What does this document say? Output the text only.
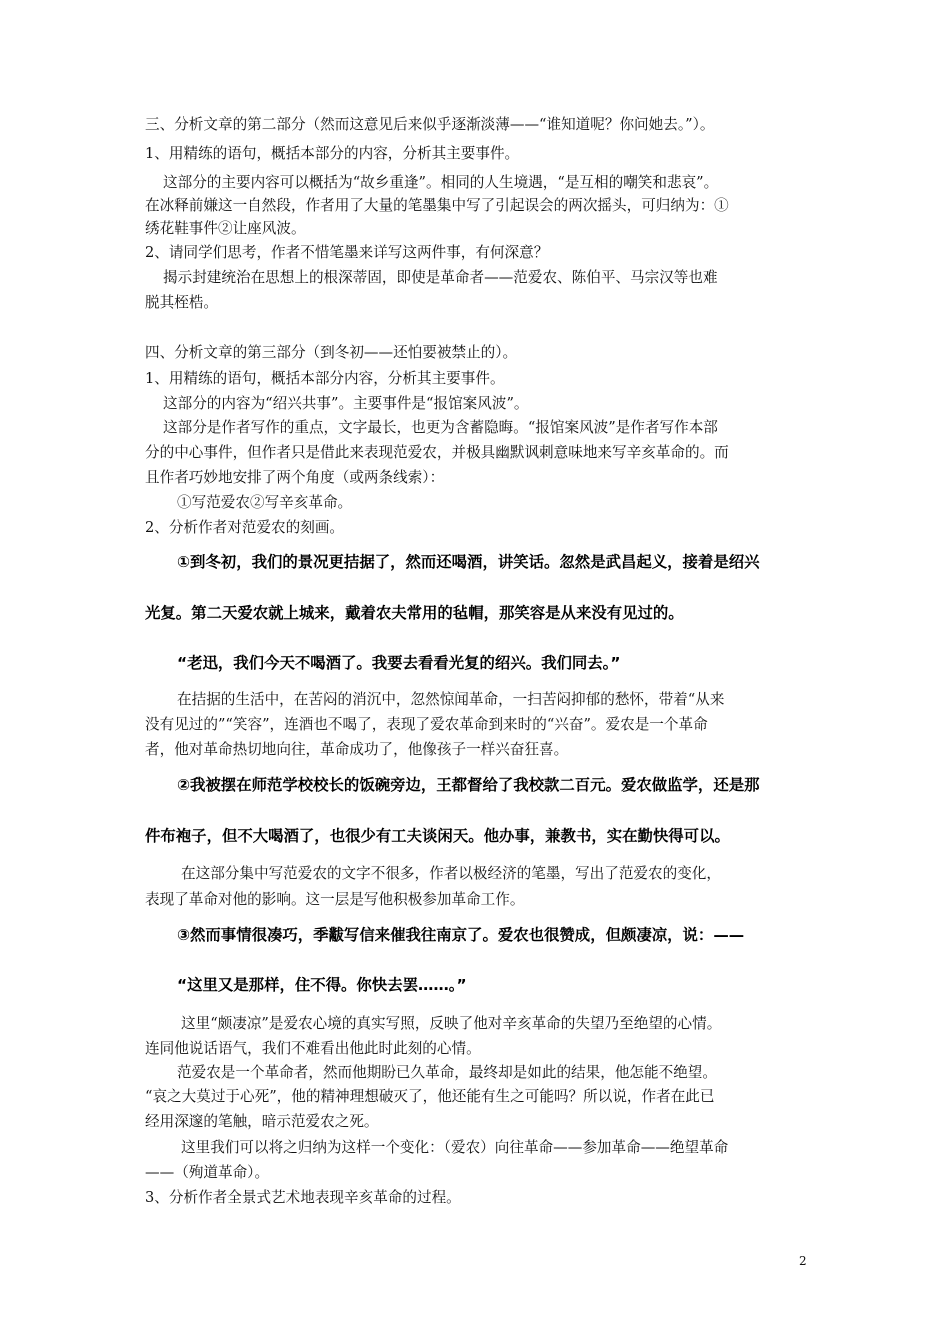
三、分析文章的第二部分（然而这意见后来似乎逐渐淡薄——“谁知道呢？你问她去。”）。
1、用精练的语句，概括本部分的内容，分析其主要事件。
这部分的主要内容可以概括为“故乡重逢”。相同的人生境遇，“是互相的嘲笑和悲哀”。
在冰释前嫌这一自然段，作者用了大量的笔墨集中写了引起误会的两次摇头，可归纳为：①
绣花鞋事件②让座风波。
2、请同学们思考，作者不惜笔墨来详写这两件事，有何深意？
揭示封建统治在思想上的根深蒂固，即使是革命者——范爱农、陈伯平、马宗汉等也难
脱其桎梏。
四、分析文章的第三部分（到冬初——还怕要被禁止的）。
1、用精练的语句，概括本部分内容，分析其主要事件。
这部分的内容为“绍兴共事”。主要事件是“报馆案风波”。
这部分是作者写作的重点，文字最长，也更为含蓄隐晦。“报馆案风波”是作者写作本部
分的中心事件，但作者只是借此来表现范爱农，并极具幽默讽刺意味地来写辛亥革命的。而
且作者巧妙地安排了两个角度（或两条线索）：
①写范爱农②写辛亥革命。
2、分析作者对范爱农的刻画。
①到冬初，我们的景况更拮据了，然而还喝酒，讲笑话。忽然是武昌起义，接着是绍兴
光复。第二天爱农就上城来，戴着农夫常用的毡帽，那笑容是从来没有见过的。
“老迅，我们今天不喝酒了。我要去看看光复的绍兴。我们同去。”
在拮据的生活中，在苦闷的消沉中，忽然惊闻革命，一扫苦闷抑郁的愁怀，带着“从来
没有见过的”“笑容”，连酒也不喝了，表现了爱农革命到来时的“兴奋”。爱农是一个革命
者，他对革命热切地向往，革命成功了，他像孩子一样兴奋狂喜。
②我被摆在师范学校校长的饭碗旁边，王都督给了我校款二百元。爱农做监学，还是那
件布袍子，但不大喝酒了，也很少有工夫谈闲天。他办事，兼教书，实在勤快得可以。
在这部分集中写范爱农的文字不很多，作者以极经济的笔墨，写出了范爱农的变化，
表现了革命对他的影响。这一层是写他积极参加革命工作。
③然而事情很凑巧，季黻写信来催我往南京了。爱农也很赞成，但颇凄凉，说：——
“这里又是那样，住不得。你快去罢……。”
这里“颇凄凉”是爱农心境的真实写照，反映了他对辛亥革命的失望乃至绝望的心情。
连同他说话语气，我们不难看出他此时此刻的心情。
范爱农是一个革命者，然而他期盼已久革命，最终却是如此的结果，他怎能不绝望。
“哀之大莫过于心死”，他的精神理想破灭了，他还能有生之可能吗？所以说，作者在此已
经用深邃的笔触，暗示范爱农之死。
这里我们可以将之归纳为这样一个变化：（爱农）向往革命——参加革命——绝望革命
——（殉道革命）。
3、分析作者全景式艺术地表现辛亥革命的过程。
2
